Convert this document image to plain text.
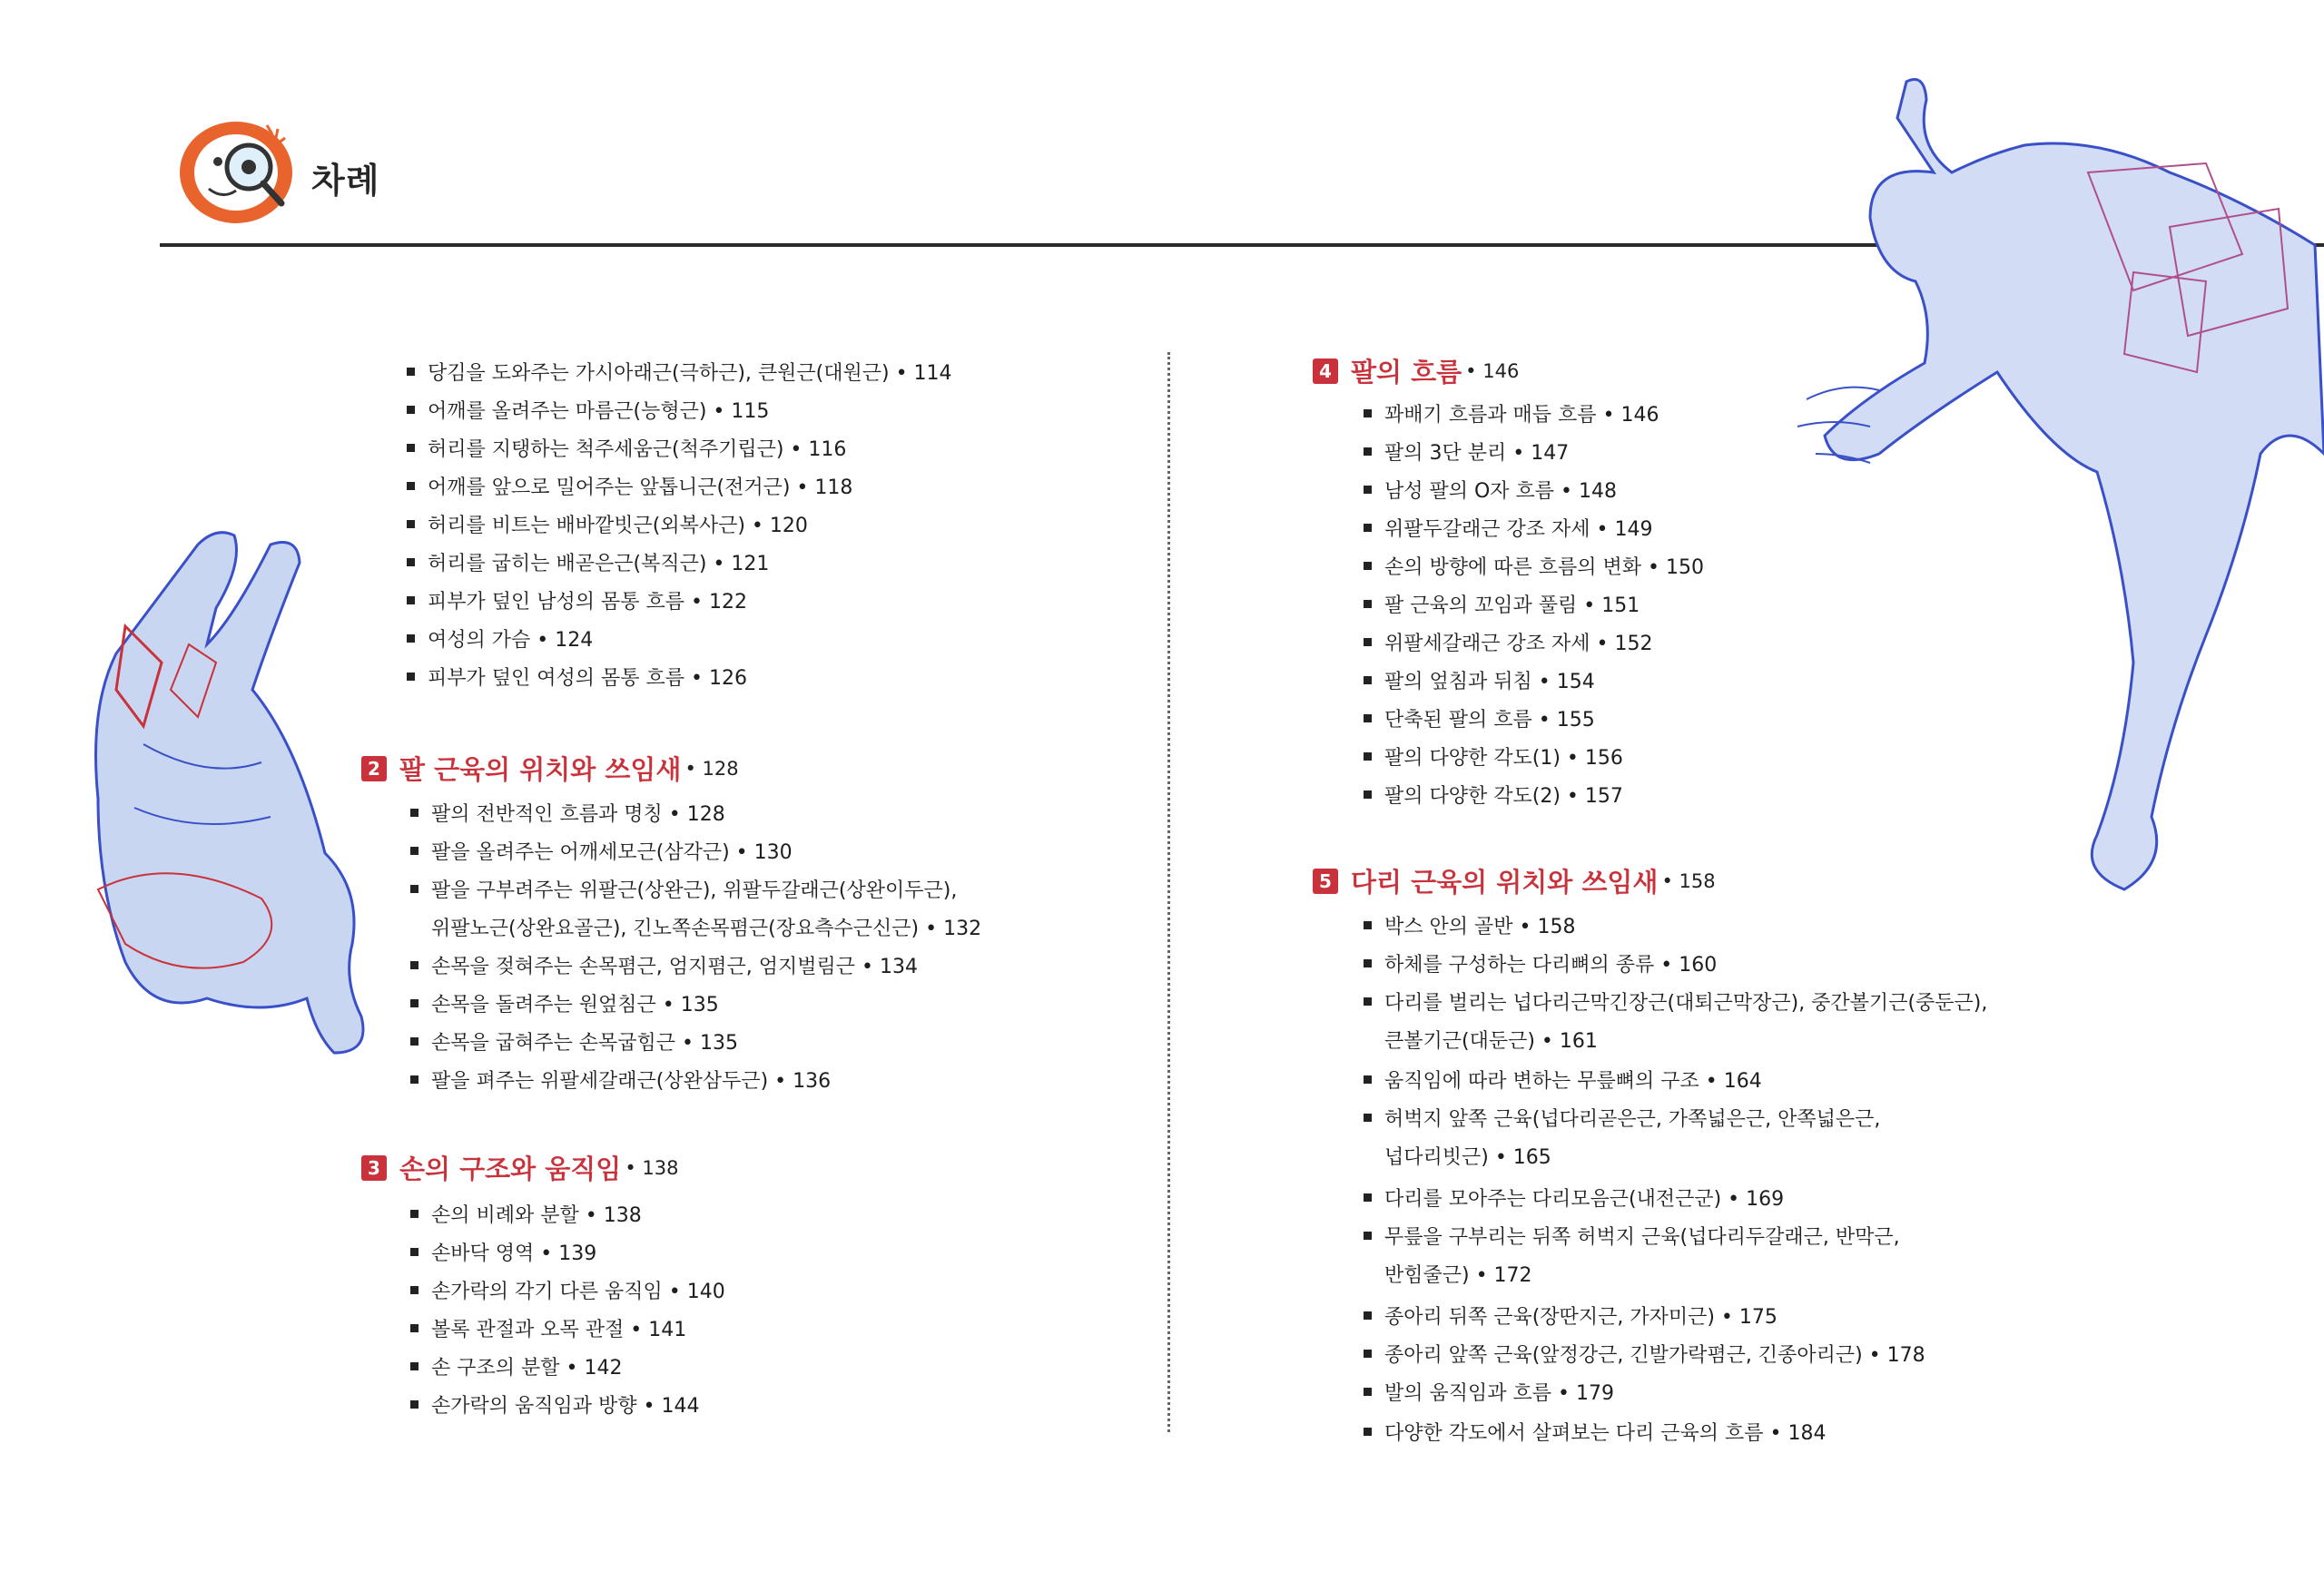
차례
당김을 도와주는 가시아래근(극하근), 큰원근(대원근) • 114
어깨를 올려주는 마름근(능형근) • 115
허리를 지탱하는 척주세움근(척주기립근) • 116
어깨를 앞으로 밀어주는 앞톱니근(전거근) • 118
허리를 비트는 배바깥빗근(외복사근) • 120
허리를 굽히는 배곧은근(복직근) • 121
피부가 덮인 남성의 몸통 흐름 • 122
여성의 가슴 • 124
피부가 덮인 여성의 몸통 흐름 • 126
2 팔 근육의 위치와 쓰임새 • 128
팔의 전반적인 흐름과 명칭 • 128
팔을 올려주는 어깨세모근(삼각근) • 130
팔을 구부려주는 위팔근(상완근), 위팔두갈래근(상완이두근),
위팔노근(상완요골근), 긴노쪽손목폄근(장요측수근신근) • 132
손목을 젖혀주는 손목폄근, 엄지폄근, 엄지벌림근 • 134
손목을 돌려주는 원엎침근 • 135
손목을 굽혀주는 손목굽힘근 • 135
팔을 펴주는 위팔세갈래근(상완삼두근) • 136
3 손의 구조와 움직임 • 138
손의 비례와 분할 • 138
손바닥 영역 • 139
손가락의 각기 다른 움직임 • 140
볼록 관절과 오목 관절 • 141
손 구조의 분할 • 142
손가락의 움직임과 방향 • 144
4 팔의 흐름 • 146
꽈배기 흐름과 매듭 흐름 • 146
팔의 3단 분리 • 147
남성 팔의 O자 흐름 • 148
위팔두갈래근 강조 자세 • 149
손의 방향에 따른 흐름의 변화 • 150
팔 근육의 꼬임과 풀림 • 151
위팔세갈래근 강조 자세 • 152
팔의 엎침과 뒤침 • 154
단축된 팔의 흐름 • 155
팔의 다양한 각도(1) • 156
팔의 다양한 각도(2) • 157
5 다리 근육의 위치와 쓰임새 • 158
박스 안의 골반 • 158
하체를 구성하는 다리뼈의 종류 • 160
다리를 벌리는 넙다리근막긴장근(대퇴근막장근), 중간볼기근(중둔근),
큰볼기근(대둔근) • 161
움직임에 따라 변하는 무릎뼈의 구조 • 164
허벅지 앞쪽 근육(넙다리곧은근, 가쪽넓은근, 안쪽넓은근,
넙다리빗근) • 165
다리를 모아주는 다리모음근(내전근군) • 169
무릎을 구부리는 뒤쪽 허벅지 근육(넙다리두갈래근, 반막근,
반힘줄근) • 172
종아리 뒤쪽 근육(장딴지근, 가자미근) • 175
종아리 앞쪽 근육(앞정강근, 긴발가락폄근, 긴종아리근) • 178
발의 움직임과 흐름 • 179
다양한 각도에서 살펴보는 다리 근육의 흐름 • 184
